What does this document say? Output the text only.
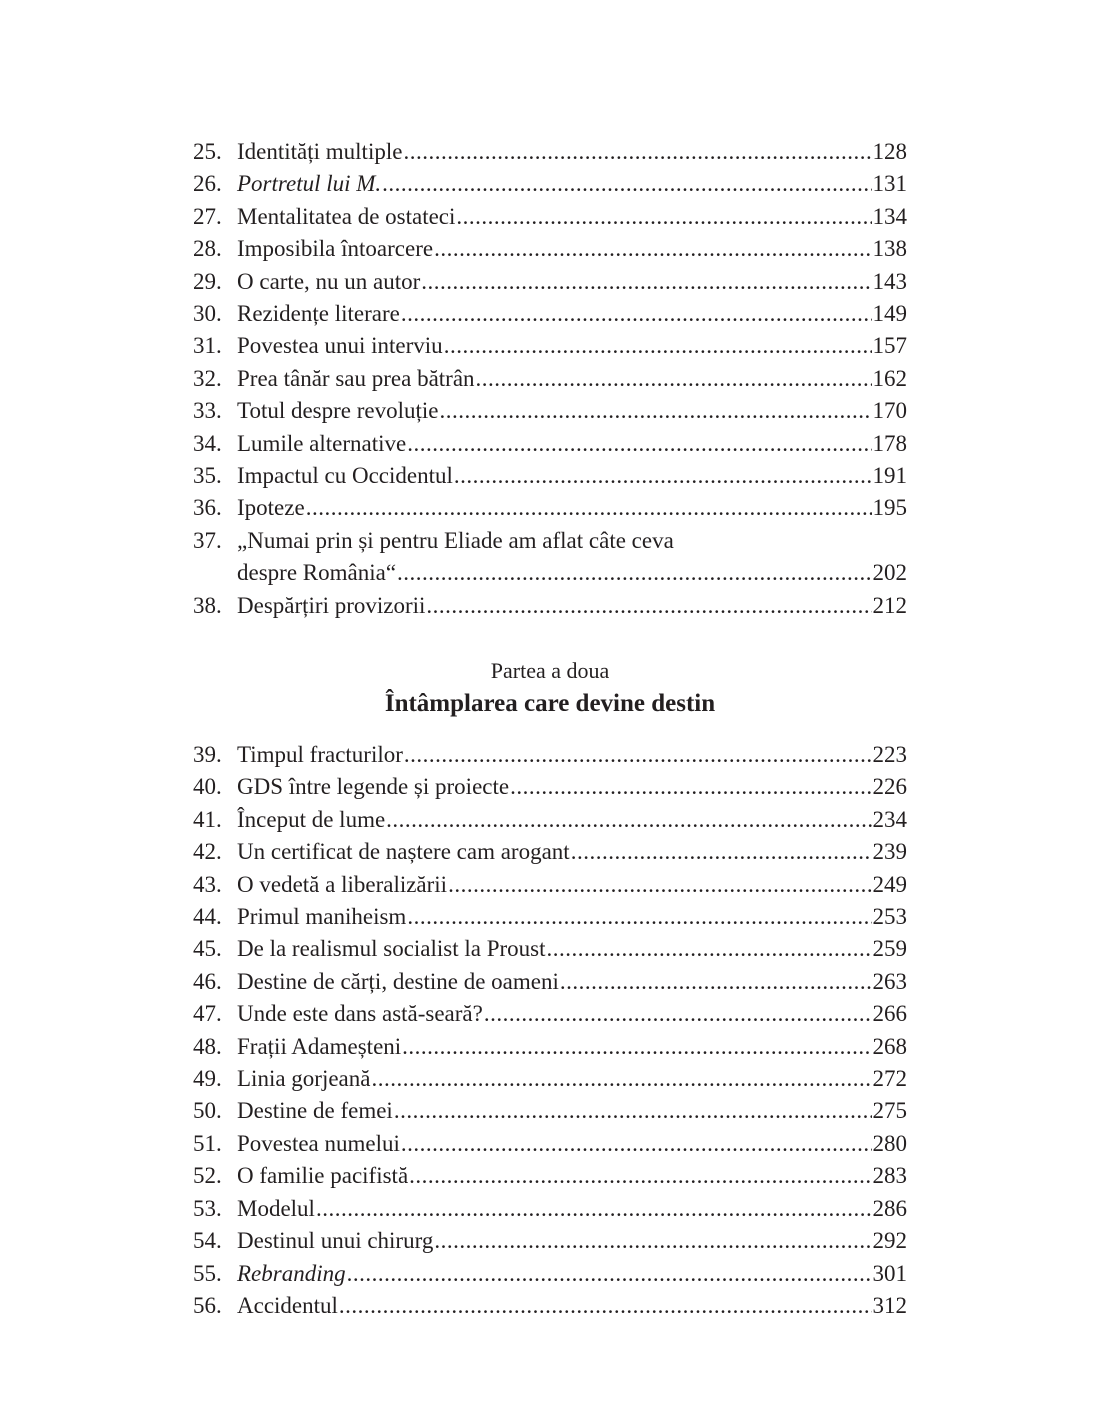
25. Identități multiple .....	128
26. Portretul lui M. .....	131
27. Mentalitatea de ostateci .....	134
28. Imposibila întoarcere .....	138
29. O carte, nu un autor .....	143
30. Rezidențe literare .....	149
31. Povestea unui interviu .....	157
32. Prea tânăr sau prea bătrân .....	162
33. Totul despre revoluție .....	170
34. Lumile alternative .....	178
35. Impactul cu Occidentul .....	191
36. Ipoteze .....	195
37. „Numai prin și pentru Eliade am aflat câte ceva
despre România“ .....	202
38. Despărțiri provizorii .....	212
Partea a doua
Întâmplarea care devine destin
39. Timpul fracturilor .....	223
40. GDS între legende și proiecte .....	226
41. Început de lume .....	234
42. Un certificat de naștere cam arogant .....	239
43. O vedetă a liberalizării .....	249
44. Primul maniheism .....	253
45. De la realismul socialist la Proust .....	259
46. Destine de cărți, destine de oameni .....	263
47. Unde este dans astă-seară? .....	266
48. Frații Adameșteni .....	268
49. Linia gorjeană .....	272
50. Destine de femei .....	275
51. Povestea numelui .....	280
52. O familie pacifistă .....	283
53. Modelul .....	286
54. Destinul unui chirurg .....	292
55. Rebranding .....	301
56. Accidentul .....	312
